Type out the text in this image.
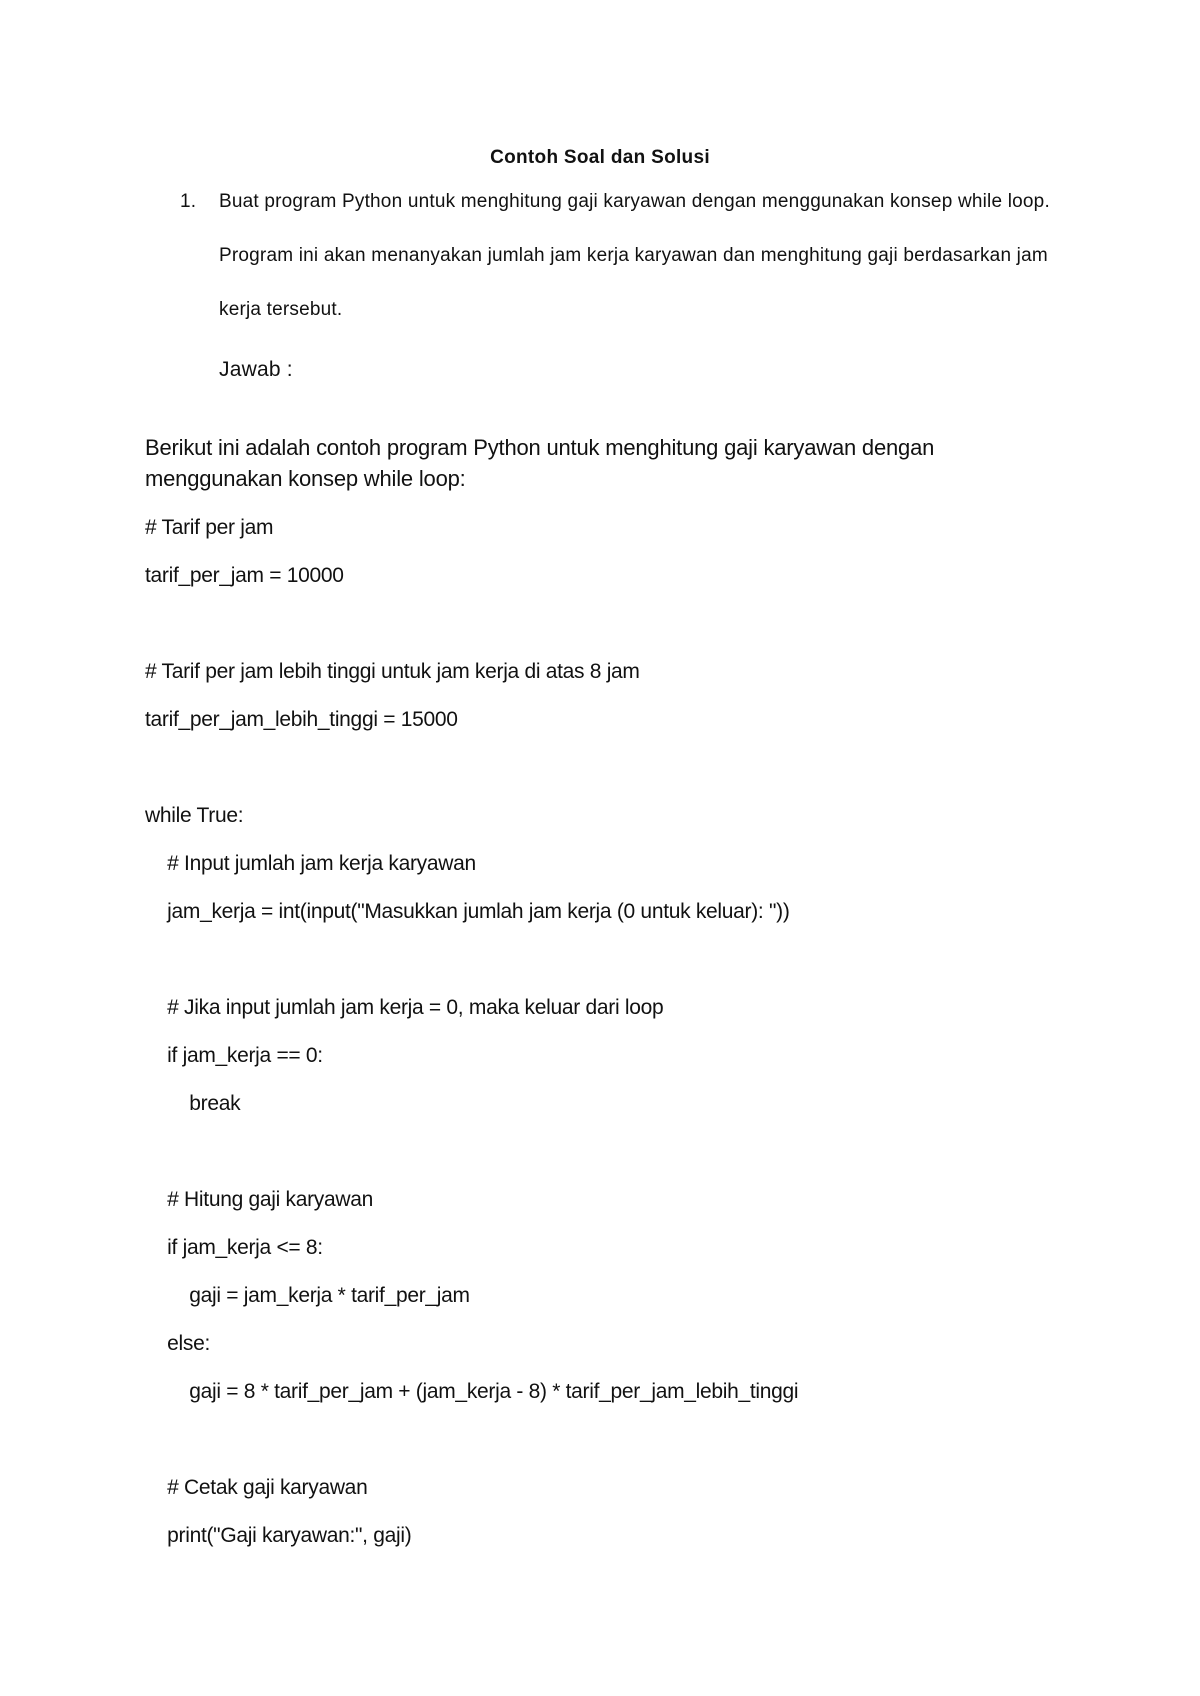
Contoh Soal dan Solusi
1. Buat program Python untuk menghitung gaji karyawan dengan menggunakan konsep while loop. Program ini akan menanyakan jumlah jam kerja karyawan dan menghitung gaji berdasarkan jam kerja tersebut.
Jawab :
Berikut ini adalah contoh program Python untuk menghitung gaji karyawan dengan menggunakan konsep while loop:
# Tarif per jam
tarif_per_jam = 10000
# Tarif per jam lebih tinggi untuk jam kerja di atas 8 jam
tarif_per_jam_lebih_tinggi = 15000
while True:
# Input jumlah jam kerja karyawan
jam_kerja = int(input("Masukkan jumlah jam kerja (0 untuk keluar): "))
# Jika input jumlah jam kerja = 0, maka keluar dari loop
if jam_kerja == 0:
break
# Hitung gaji karyawan
if jam_kerja <= 8:
gaji = jam_kerja * tarif_per_jam
else:
gaji = 8 * tarif_per_jam + (jam_kerja - 8) * tarif_per_jam_lebih_tinggi
# Cetak gaji karyawan
print("Gaji karyawan:", gaji)
